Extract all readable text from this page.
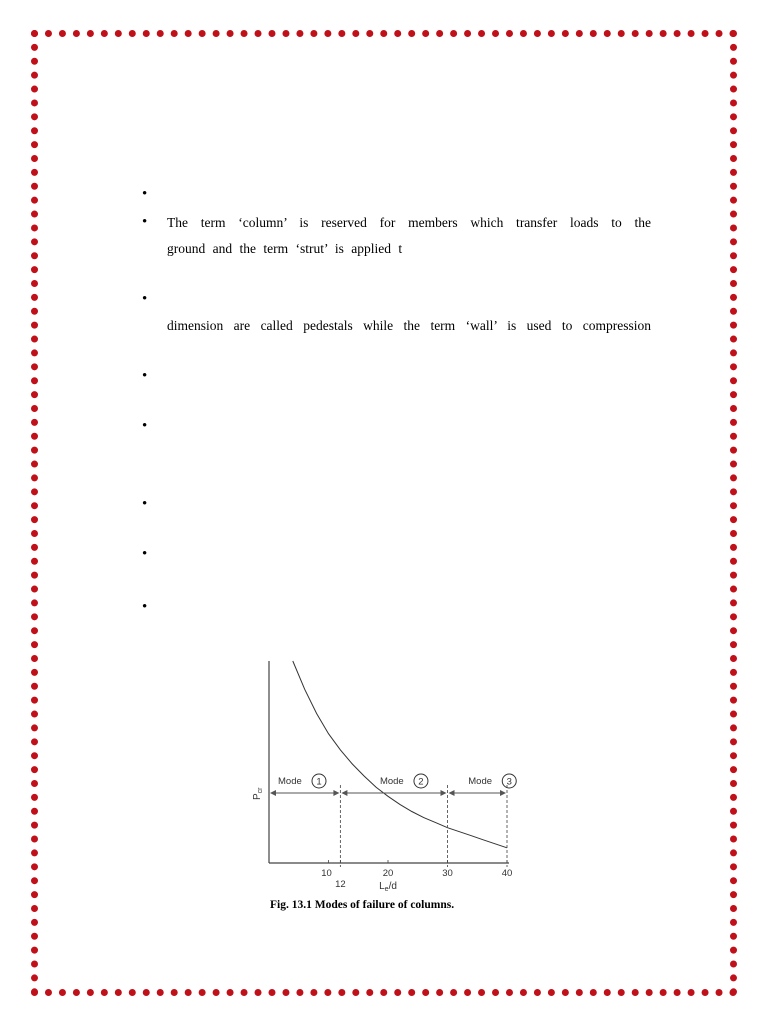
•
•
•
•
•
•
•
•
The term ‘column’ is reserved for members which transfer loads to the
ground and the term ‘strut’ is applied t
dimension are called pedestals while the term ‘wall’ is used to compression
$P_{cr}$
Mode 1	Mode 2	Mode 3
10
12
20	30	40
$L_e/d$
Fig. 13.1 Modes of failure of columns.
